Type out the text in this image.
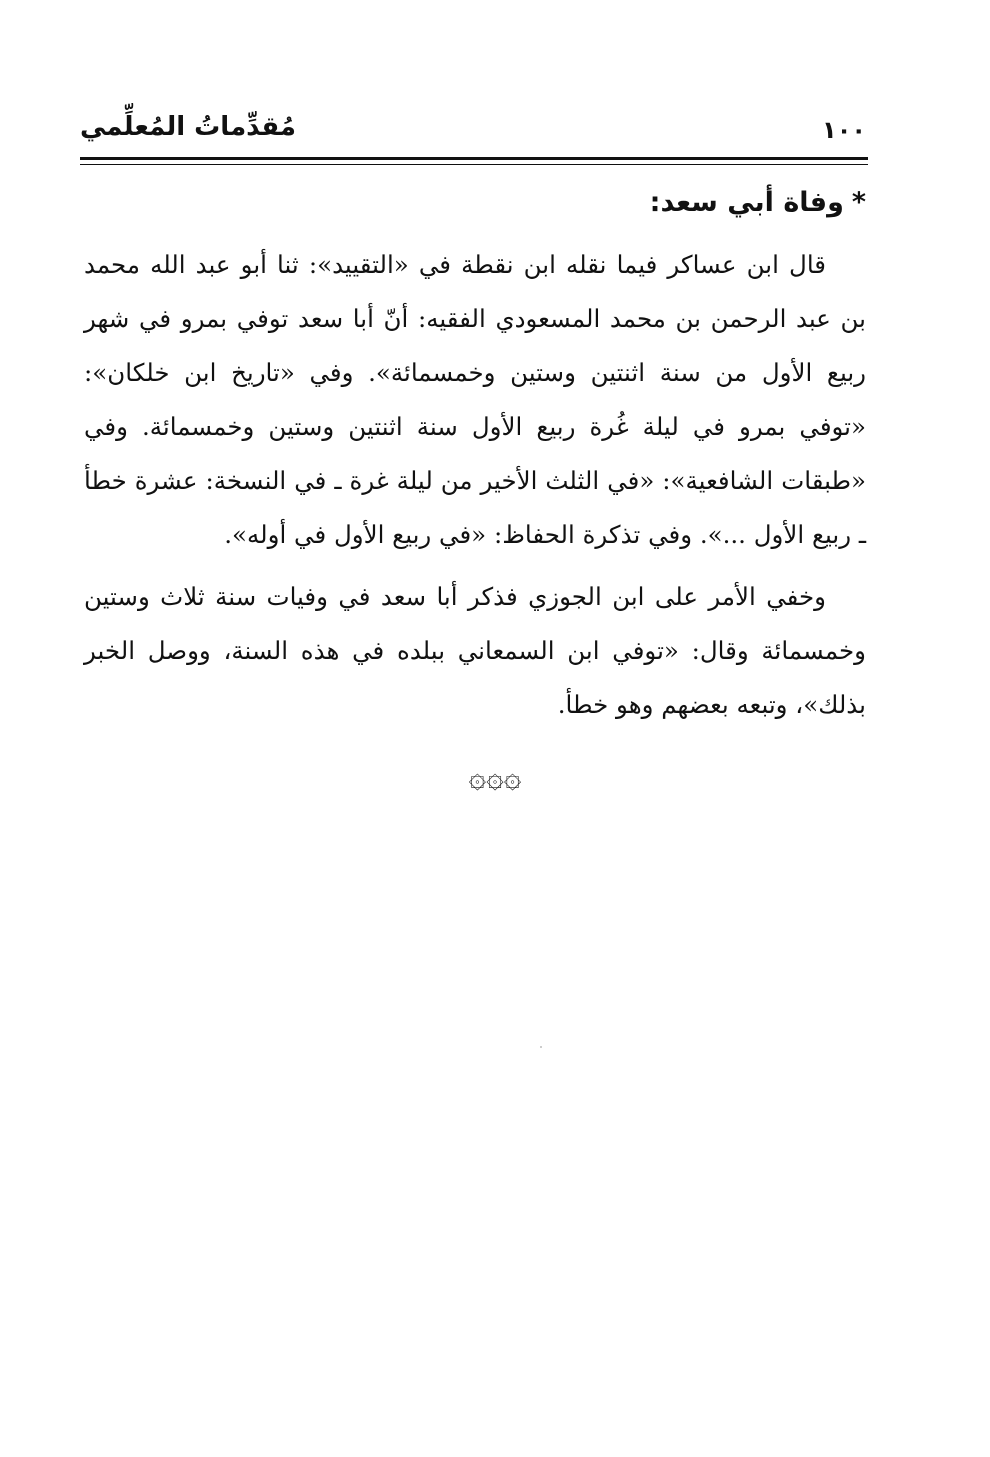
١٠٠
مُقدِّماتُ المُعلِّمي
*وفاة أبي سعد:

قال ابن عساكر فيما نقله ابن نقطة في «التقييد»: ثنا أبو عبد الله محمد بن عبد الرحمن بن محمد المسعودي الفقيه: أنّ أبا سعد توفي بمرو في شهر ربيع الأول من سنة اثنتين وستين وخمسمائة». وفي «تاريخ ابن خلكان»: «توفي بمرو في ليلة غُرة ربيع الأول سنة اثنتين وستين وخمسمائة. وفي «طبقات الشافعية»: «في الثلث الأخير من ليلة غرة ـ في النسخة: عشرة خطأ ـ ربيع الأول ...». وفي تذكرة الحفاظ: «في ربيع الأول في أوله».

وخفي الأمر على ابن الجوزي فذكر أبا سعد في وفيات سنة ثلاث وستين وخمسمائة وقال: «توفي ابن السمعاني ببلده في هذه السنة، ووصل الخبر بذلك»، وتبعه بعضهم وهو خطأ.

۞۞۞
